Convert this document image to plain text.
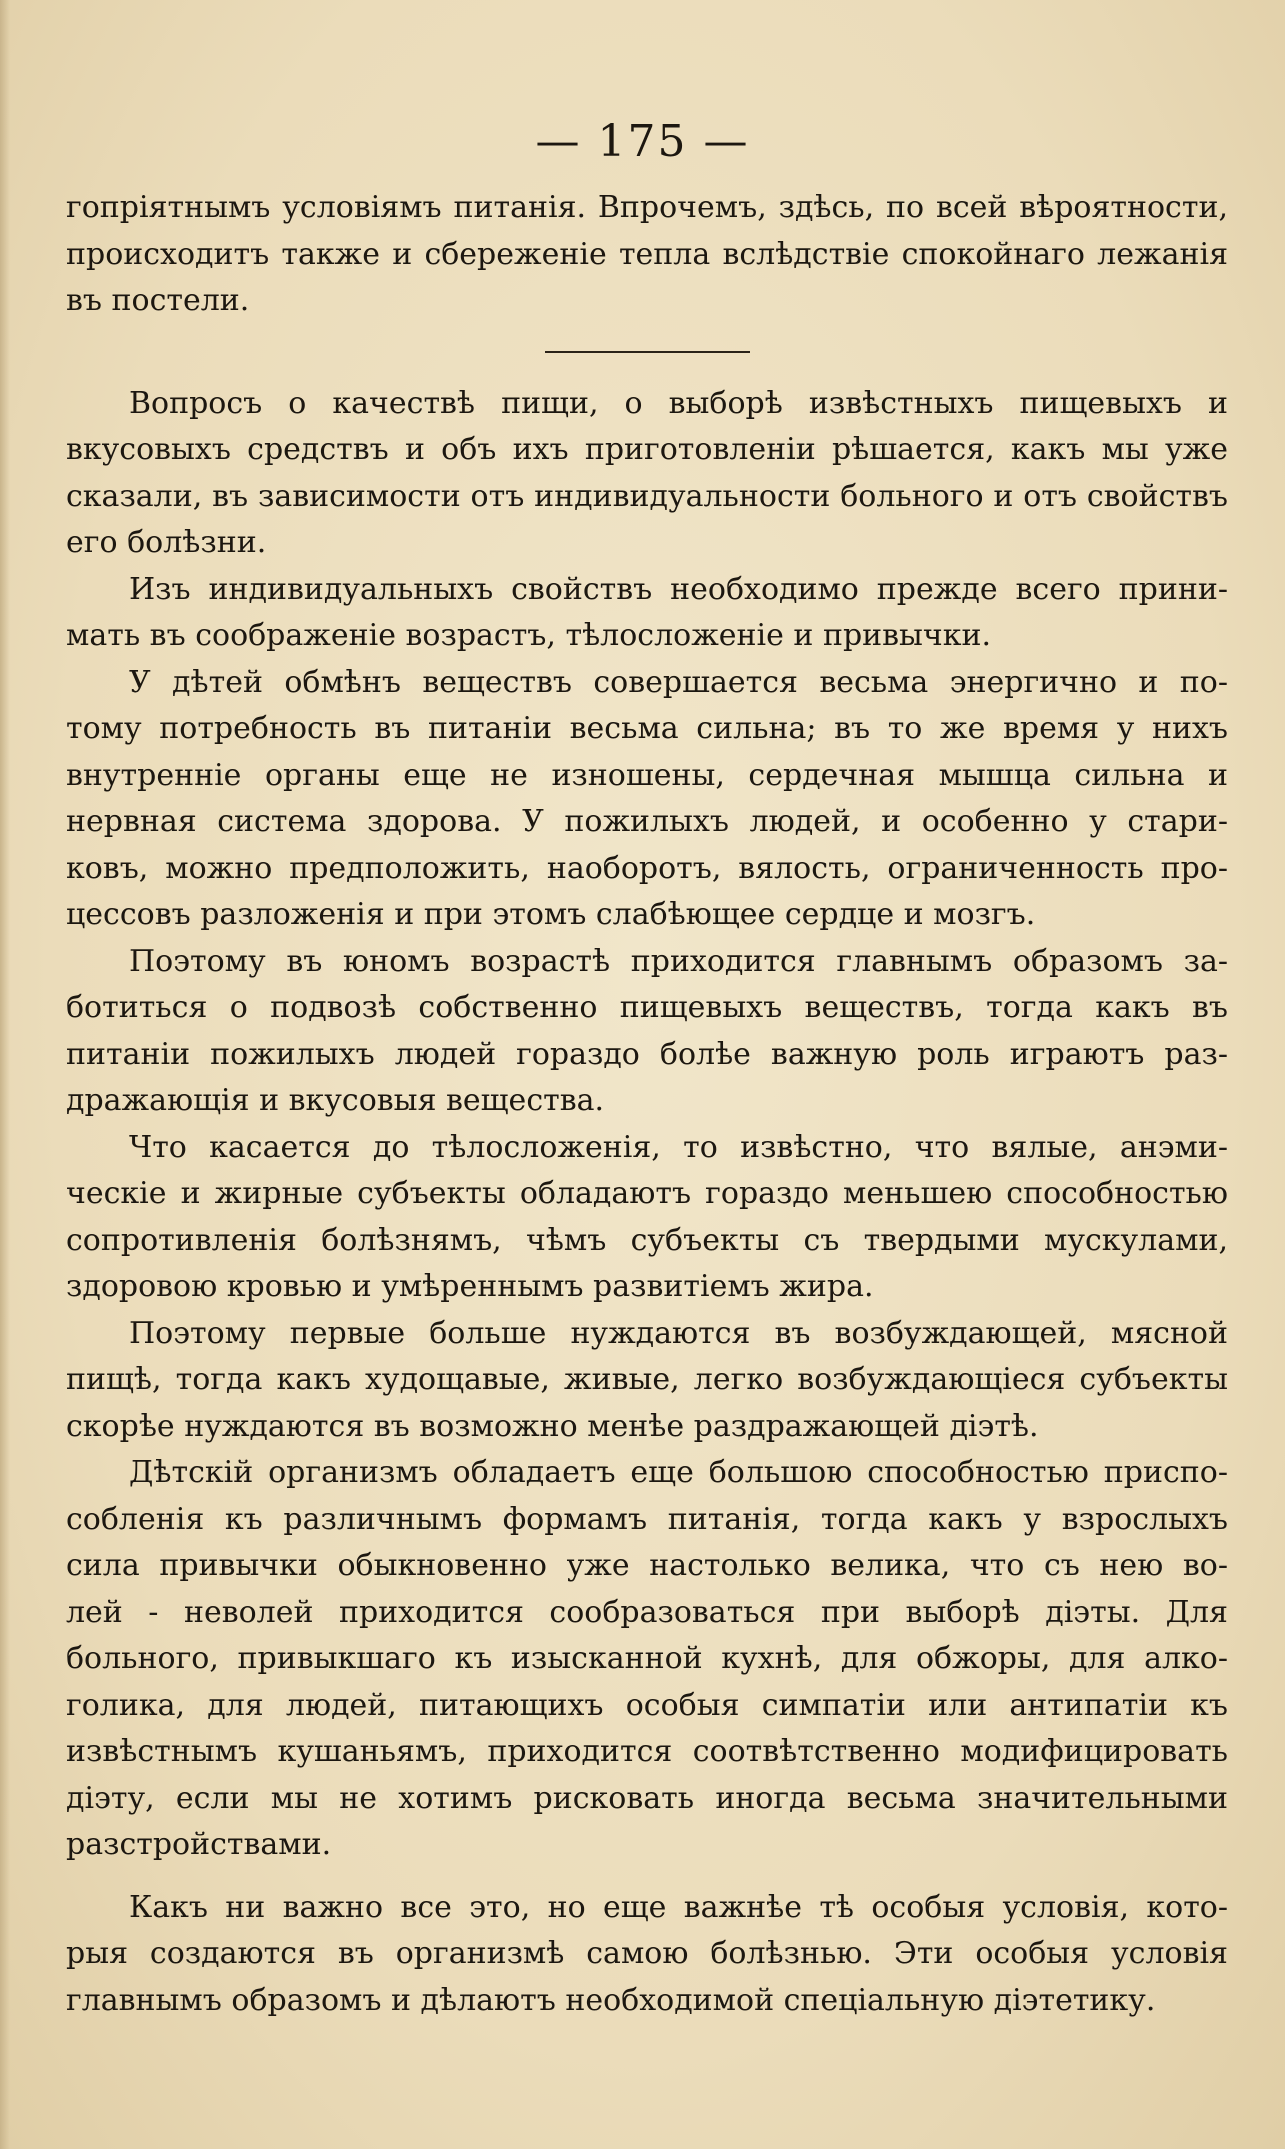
— 175 —
гопріятнымъ условіямъ питанія. Впрочемъ, здѣсь, по всей вѣроятности,
происходитъ также и сбереженіе тепла вслѣдствіе спокойнаго лежанія
въ постели.
Вопросъ о качествѣ пищи, о выборѣ извѣстныхъ пищевыхъ и
вкусовыхъ средствъ и объ ихъ приготовленіи рѣшается, какъ мы уже
сказали, въ зависимости отъ индивидуальности больного и отъ свойствъ
его болѣзни.
Изъ индивидуальныхъ свойствъ необходимо прежде всего прини-
мать въ соображеніе возрастъ, тѣлосложеніе и привычки.
У дѣтей обмѣнъ веществъ совершается весьма энергично и по-
тому потребность въ питаніи весьма сильна; въ то же время у нихъ
внутренніе органы еще не изношены, сердечная мышца сильна и
нервная система здорова. У пожилыхъ людей, и особенно у стари-
ковъ, можно предположить, наоборотъ, вялость, ограниченность про-
цессовъ разложенія и при этомъ слабѣющее сердце и мозгъ.
Поэтому въ юномъ возрастѣ приходится главнымъ образомъ за-
ботиться о подвозѣ собственно пищевыхъ веществъ, тогда какъ въ
питаніи пожилыхъ людей гораздо болѣе важную роль играютъ раз-
дражающія и вкусовыя вещества.
Что касается до тѣлосложенія, то извѣстно, что вялые, анэми-
ческіе и жирные субъекты обладаютъ гораздо меньшею способностью
сопротивленія болѣзнямъ, чѣмъ субъекты съ твердыми мускулами,
здоровою кровью и умѣреннымъ развитіемъ жира.
Поэтому первые больше нуждаются въ возбуждающей, мясной
пищѣ, тогда какъ худощавые, живые, легко возбуждающіеся субъекты
скорѣе нуждаются въ возможно менѣе раздражающей діэтѣ.
Дѣтскій организмъ обладаетъ еще большою способностью приспо-
собленія къ различнымъ формамъ питанія, тогда какъ у взрослыхъ
сила привычки обыкновенно уже настолько велика, что съ нею во-
лей - неволей приходится сообразоваться при выборѣ діэты. Для
больного, привыкшаго къ изысканной кухнѣ, для обжоры, для алко-
голика, для людей, питающихъ особыя симпатіи или антипатіи къ
извѣстнымъ кушаньямъ, приходится соотвѣтственно модифицировать
діэту, если мы не хотимъ рисковать иногда весьма значительными
разстройствами.
Какъ ни важно все это, но еще важнѣе тѣ особыя условія, кото-
рыя создаются въ организмѣ самою болѣзнью. Эти особыя условія
главнымъ образомъ и дѣлаютъ необходимой спеціальную діэтетику.
